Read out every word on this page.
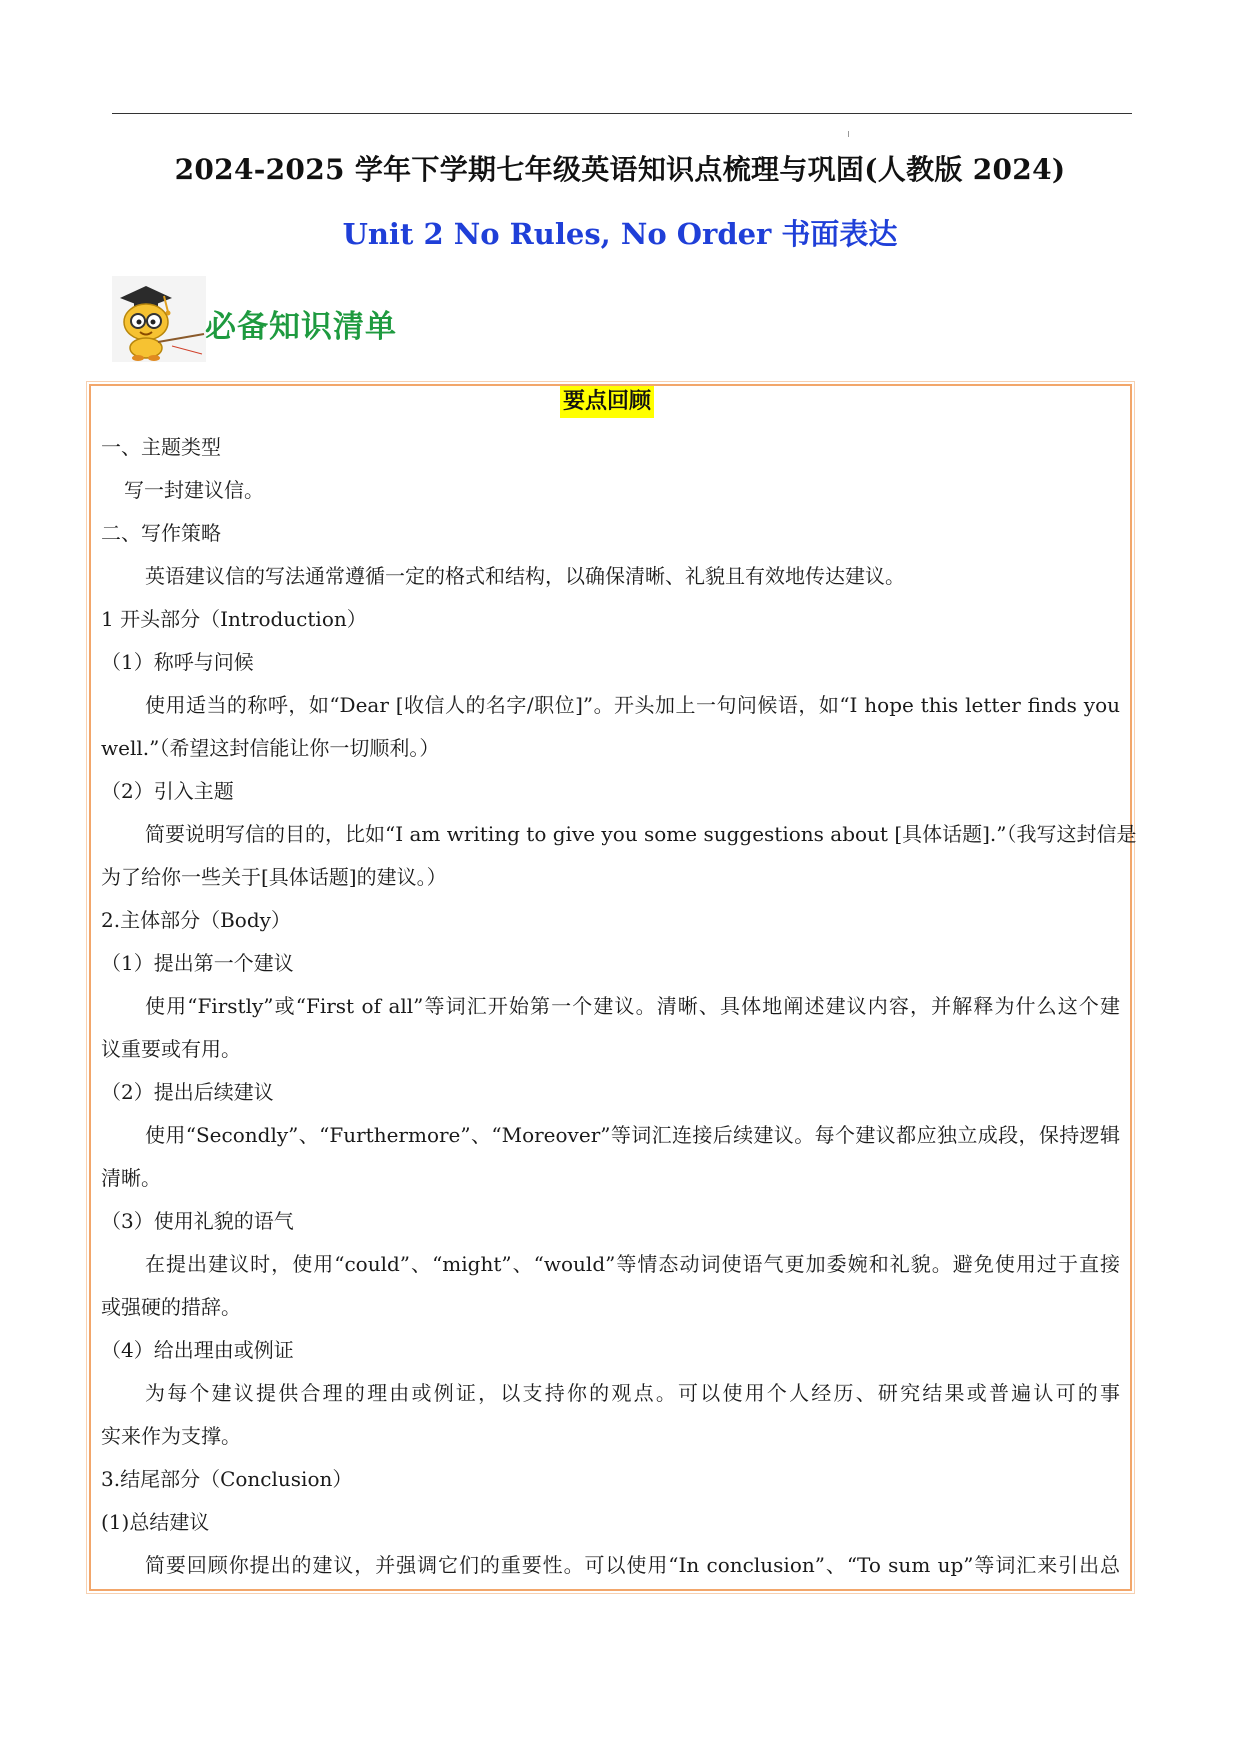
2024-2025 学年下学期七年级英语知识点梳理与巩固(人教版 2024)
Unit 2 No Rules, No Order 书面表达
必备知识清单
要点回顾
一、主题类型
写一封建议信。
二、写作策略
英语建议信的写法通常遵循一定的格式和结构，以确保清晰、礼貌且有效地传达建议。
1 开头部分（Introduction）
（1）称呼与问候
使用适当的称呼，如“Dear [收信人的名字/职位]”。开头加上一句问候语，如“I hope this letter finds you
well.”（希望这封信能让你一切顺利。）
（2）引入主题
简要说明写信的目的，比如“I am writing to give you some suggestions about [具体话题].”（我写这封信是
为了给你一些关于[具体话题]的建议。）
2.主体部分（Body）
（1）提出第一个建议
使用“Firstly”或“First of all”等词汇开始第一个建议。清晰、具体地阐述建议内容，并解释为什么这个建
议重要或有用。
（2）提出后续建议
使用“Secondly”、“Furthermore”、“Moreover”等词汇连接后续建议。每个建议都应独立成段，保持逻辑
清晰。
（3）使用礼貌的语气
在提出建议时，使用“could”、“might”、“would”等情态动词使语气更加委婉和礼貌。避免使用过于直接
或强硬的措辞。
（4）给出理由或例证
为每个建议提供合理的理由或例证，以支持你的观点。可以使用个人经历、研究结果或普遍认可的事
实来作为支撑。
3.结尾部分（Conclusion）
(1)总结建议
简要回顾你提出的建议，并强调它们的重要性。可以使用“In conclusion”、“To sum up”等词汇来引出总
